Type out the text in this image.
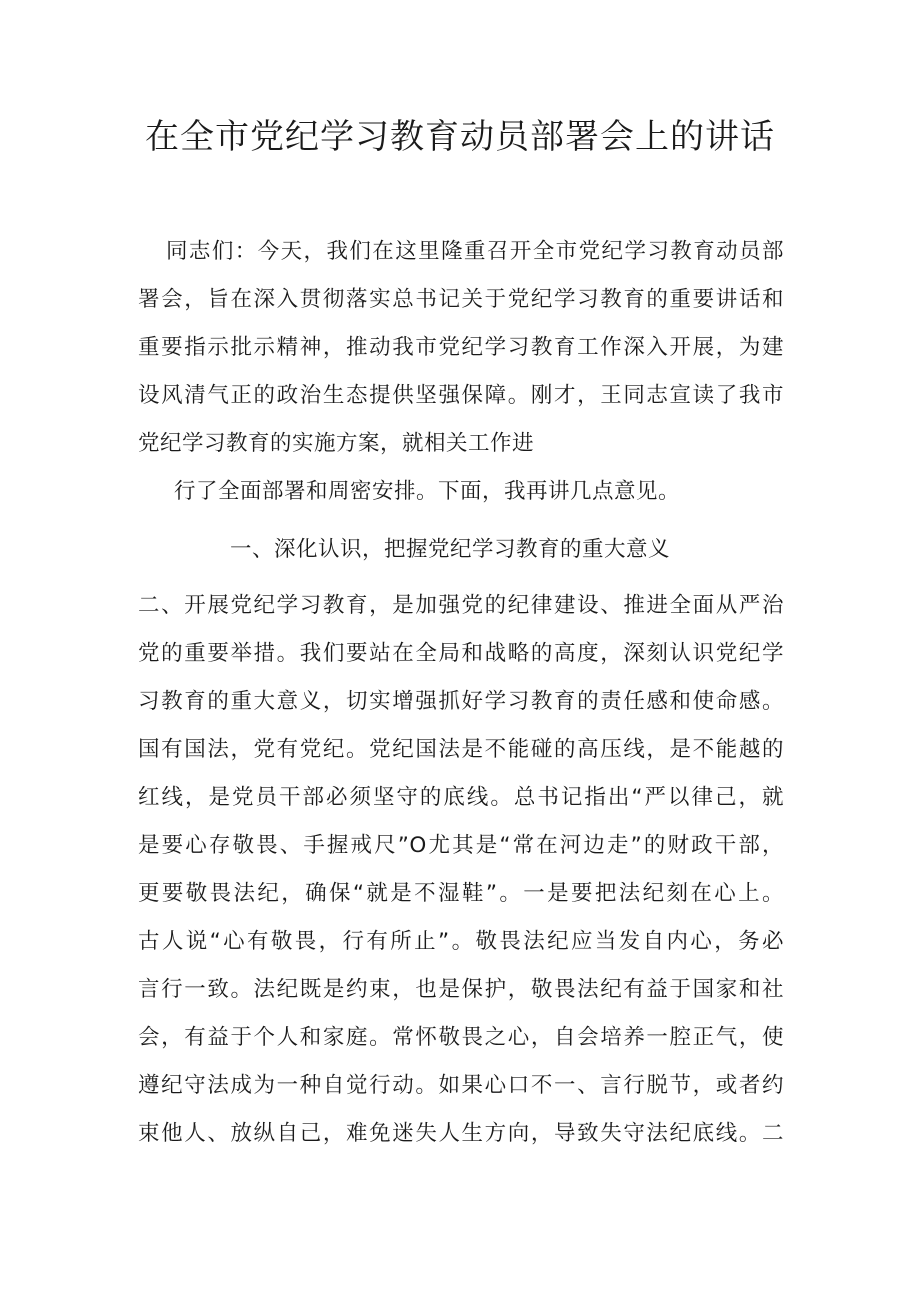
在全市党纪学习教育动员部署会上的讲话
同志们：今天，我们在这里隆重召开全市党纪学习教育动员部
署会，旨在深入贯彻落实总书记关于党纪学习教育的重要讲话和
重要指示批示精神，推动我市党纪学习教育工作深入开展，为建
设风清气正的政治生态提供坚强保障。刚才，王同志宣读了我市
党纪学习教育的实施方案，就相关工作进
行了全面部署和周密安排。下面，我再讲几点意见。
一、深化认识，把握党纪学习教育的重大意义
二、开展党纪学习教育，是加强党的纪律建设、推进全面从严治
党的重要举措。我们要站在全局和战略的高度，深刻认识党纪学
习教育的重大意义，切实增强抓好学习教育的责任感和使命感。
国有国法，党有党纪。党纪国法是不能碰的高压线，是不能越的
红线，是党员干部必须坚守的底线。总书记指出“严以律己，就
是要心存敬畏、手握戒尺”O尤其是“常在河边走”的财政干部，
更要敬畏法纪，确保“就是不湿鞋”。一是要把法纪刻在心上。
古人说“心有敬畏，行有所止”。敬畏法纪应当发自内心，务必
言行一致。法纪既是约束，也是保护，敬畏法纪有益于国家和社
会，有益于个人和家庭。常怀敬畏之心，自会培养一腔正气，使
遵纪守法成为一种自觉行动。如果心口不一、言行脱节，或者约
束他人、放纵自己，难免迷失人生方向，导致失守法纪底线。二
